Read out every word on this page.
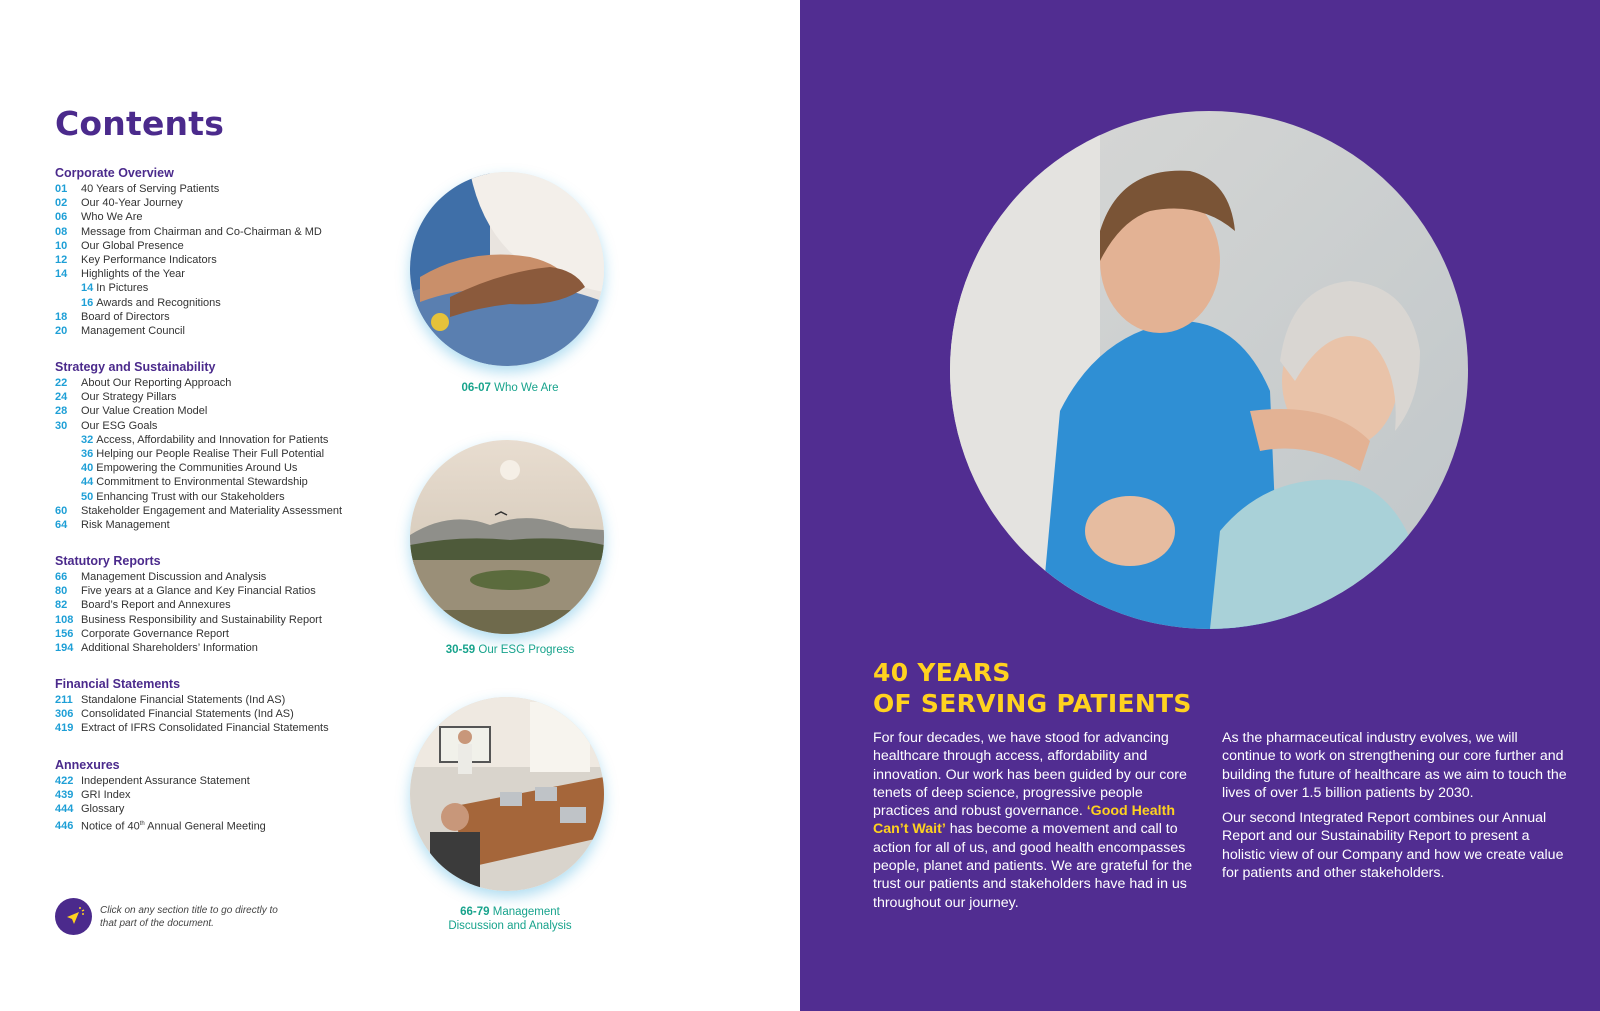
Contents
Corporate Overview
01 40 Years of Serving Patients
02 Our 40-Year Journey
06 Who We Are
08 Message from Chairman and Co-Chairman & MD
10 Our Global Presence
12 Key Performance Indicators
14 Highlights of the Year
14 In Pictures
16 Awards and Recognitions
18 Board of Directors
20 Management Council
Strategy and Sustainability
22 About Our Reporting Approach
24 Our Strategy Pillars
28 Our Value Creation Model
30 Our ESG Goals
32 Access, Affordability and Innovation for Patients
36 Helping our People Realise Their Full Potential
40 Empowering the Communities Around Us
44 Commitment to Environmental Stewardship
50 Enhancing Trust with our Stakeholders
60 Stakeholder Engagement and Materiality Assessment
64 Risk Management
Statutory Reports
66 Management Discussion and Analysis
80 Five years at a Glance and Key Financial Ratios
82 Board’s Report and Annexures
108 Business Responsibility and Sustainability Report
156 Corporate Governance Report
194 Additional Shareholders’ Information
Financial Statements
211 Standalone Financial Statements (Ind AS)
306 Consolidated Financial Statements (Ind AS)
419 Extract of IFRS Consolidated Financial Statements
Annexures
422 Independent Assurance Statement
439 GRI Index
444 Glossary
446 Notice of 40th Annual General Meeting
06-07 Who We Are
30-59 Our ESG Progress
66-79 Management
Discussion and Analysis
Click on any section title to go directly to
that part of the document.
40 YEARS
OF SERVING PATIENTS

For four decades, we have stood for advancing healthcare through access, affordability and innovation. Our work has been guided by our core tenets of deep science, progressive people practices and robust governance. ‘Good Health Can’t Wait’ has become a movement and call to action for all of us, and good health encompasses people, planet and patients. We are grateful for the trust our patients and stakeholders have had in us throughout our journey.

As the pharmaceutical industry evolves, we will continue to work on strengthening our core further and building the future of healthcare as we aim to touch the lives of over 1.5 billion patients by 2030.

Our second Integrated Report combines our Annual Report and our Sustainability Report to present a holistic view of our Company and how we create value for patients and other stakeholders.
